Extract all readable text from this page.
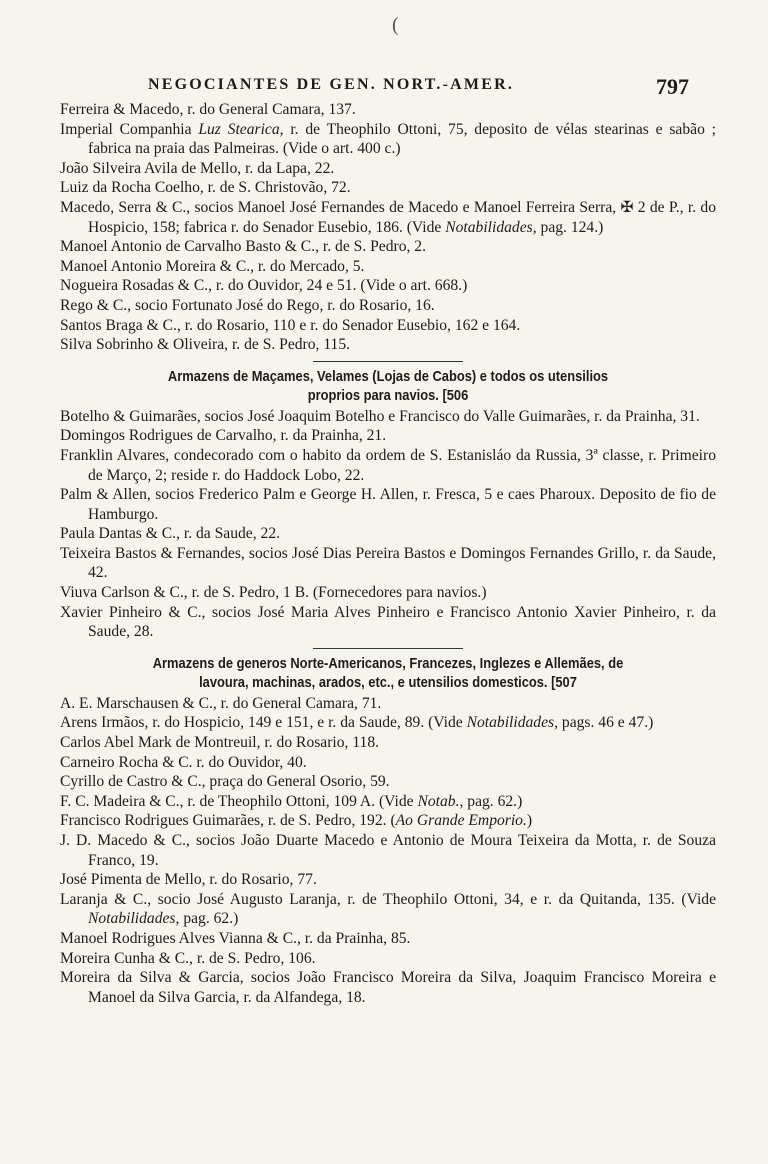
(
NEGOCIANTES DE GEN. NORT.-AMER.	797
Ferreira & Macedo, r. do General Camara, 137.
Imperial Companhia Luz Stearica, r. de Theophilo Ottoni, 75, deposito de vélas stearinas e sabão ; fabrica na praia das Palmeiras. (Vide o art. 400 c.)
João Silveira Avila de Mello, r. da Lapa, 22.
Luiz da Rocha Coelho, r. de S. Christovão, 72.
Macedo, Serra & C., socios Manoel José Fernandes de Macedo e Manoel Ferreira Serra, ✠ 2 de P., r. do Hospicio, 158; fabrica r. do Senador Eusebio, 186. (Vide Notabilidades, pag. 124.)
Manoel Antonio de Carvalho Basto & C., r. de S. Pedro, 2.
Manoel Antonio Moreira & C., r. do Mercado, 5.
Nogueira Rosadas & C., r. do Ouvidor, 24 e 51. (Vide o art. 668.)
Rego & C., socio Fortunato José do Rego, r. do Rosario, 16.
Santos Braga & C., r. do Rosario, 110 e r. do Senador Eusebio, 162 e 164.
Silva Sobrinho & Oliveira, r. de S. Pedro, 115.
Armazens de Maçames, Velames (Lojas de Cabos) e todos os utensilios
proprios para navios. [506
Botelho & Guimarães, socios José Joaquim Botelho e Francisco do Valle Guimarães, r. da Prainha, 31.
Domingos Rodrigues de Carvalho, r. da Prainha, 21.
Franklin Alvares, condecorado com o habito da ordem de S. Estanisláo da Russia, 3ª classe, r. Primeiro de Março, 2; reside r. do Haddock Lobo, 22.
Palm & Allen, socios Frederico Palm e George H. Allen, r. Fresca, 5 e caes Pharoux. Deposito de fio de Hamburgo.
Paula Dantas & C., r. da Saude, 22.
Teixeira Bastos & Fernandes, socios José Dias Pereira Bastos e Domingos Fernandes Grillo, r. da Saude, 42.
Viuva Carlson & C., r. de S. Pedro, 1 B. (Fornecedores para navios.)
Xavier Pinheiro & C., socios José Maria Alves Pinheiro e Francisco Antonio Xavier Pinheiro, r. da Saude, 28.
Armazens de generos Norte-Americanos, Francezes, Inglezes e Allemães, de
lavoura, machinas, arados, etc., e utensilios domesticos. [507
A. E. Marschausen & C., r. do General Camara, 71.
Arens Irmãos, r. do Hospicio, 149 e 151, e r. da Saude, 89. (Vide Notabilidades, pags. 46 e 47.)
Carlos Abel Mark de Montreuil, r. do Rosario, 118.
Carneiro Rocha & C. r. do Ouvidor, 40.
Cyrillo de Castro & C., praça do General Osorio, 59.
F. C. Madeira & C., r. de Theophilo Ottoni, 109 A. (Vide Notab., pag. 62.)
Francisco Rodrigues Guimarães, r. de S. Pedro, 192. (Ao Grande Emporio.)
J. D. Macedo & C., socios João Duarte Macedo e Antonio de Moura Teixeira da Motta, r. de Souza Franco, 19.
José Pimenta de Mello, r. do Rosario, 77.
Laranja & C., socio José Augusto Laranja, r. de Theophilo Ottoni, 34, e r. da Quitanda, 135. (Vide Notabilidades, pag. 62.)
Manoel Rodrigues Alves Vianna & C., r. da Prainha, 85.
Moreira Cunha & C., r. de S. Pedro, 106.
Moreira da Silva & Garcia, socios João Francisco Moreira da Silva, Joaquim Francisco Moreira e Manoel da Silva Garcia, r. da Alfandega, 18.
